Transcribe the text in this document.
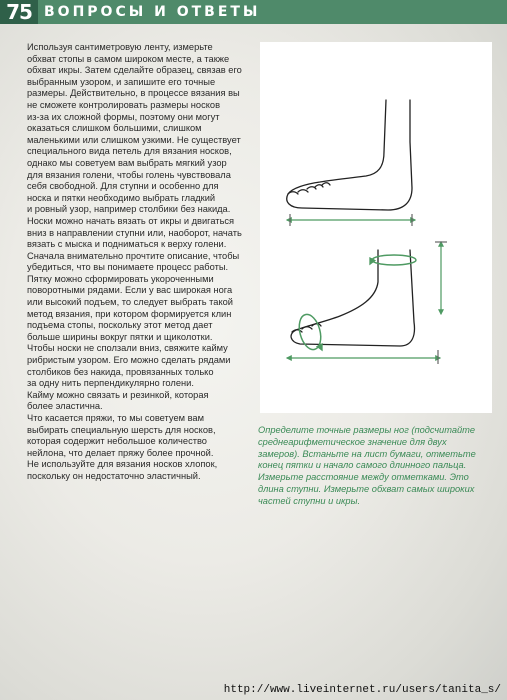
75 ВОПРОСЫ И ОТВЕТЫ

Используя сантиметровую ленту, измерьте

обхват стопы в самом широком месте, а также

обхват икры. Затем сделайте образец, связав его

выбранным узором, и запишите его точные

размеры. Действительно, в процессе вязания вы

не сможете контролировать размеры носков

из-за их сложной формы, поэтому они могут

оказаться слишком большими, слишком

маленькими или слишком узкими. Не существует

специального вида петель для вязания носков,

однако мы советуем вам выбрать мягкий узор

для вязания голени, чтобы голень чувствовала

себя свободной. Для ступни и особенно для

носка и пятки необходимо выбрать гладкий

и ровный узор, например столбики без накида.

Носки можно начать вязать от икры и двигаться

вниз в направлении ступни или, наоборот, начать

вязать с мыска и подниматься к верху голени.

Сначала внимательно прочтите описание, чтобы

убедиться, что вы понимаете процесс работы.

Пятку можно сформировать укороченными

поворотными рядами. Если у вас широкая нога

или высокий подъем, то следует выбрать такой

метод вязания, при котором формируется клин

подъема стопы, поскольку этот метод дает

больше ширины вокруг пятки и щиколотки.

Чтобы носки не сползали вниз, свяжите кайму

рибристым узором. Его можно сделать рядами

столбиков без накида, провязанных только

за одну нить перпендикулярно голени.

Кайму можно связать и резинкой, которая

более эластична.

Что касается пряжи, то мы советуем вам

выбирать специальную шерсть для носков,

которая содержит небольшое количество

нейлона, что делает пряжу более прочной.

Не используйте для вязания носков хлопок,

поскольку он недостаточно эластичный.

Определите точные размеры ног (подсчитайте
среднеарифметическое значение для двух
замеров). Встаньте на лист бумаги, отметьте
конец пятки и начало самого длинного пальца.
Измерьте расстояние между отметками. Это
длина ступни. Измерьте обхват самых широких
частей ступни и икры.
http://www.liveinternet.ru/users/tanita_s/
